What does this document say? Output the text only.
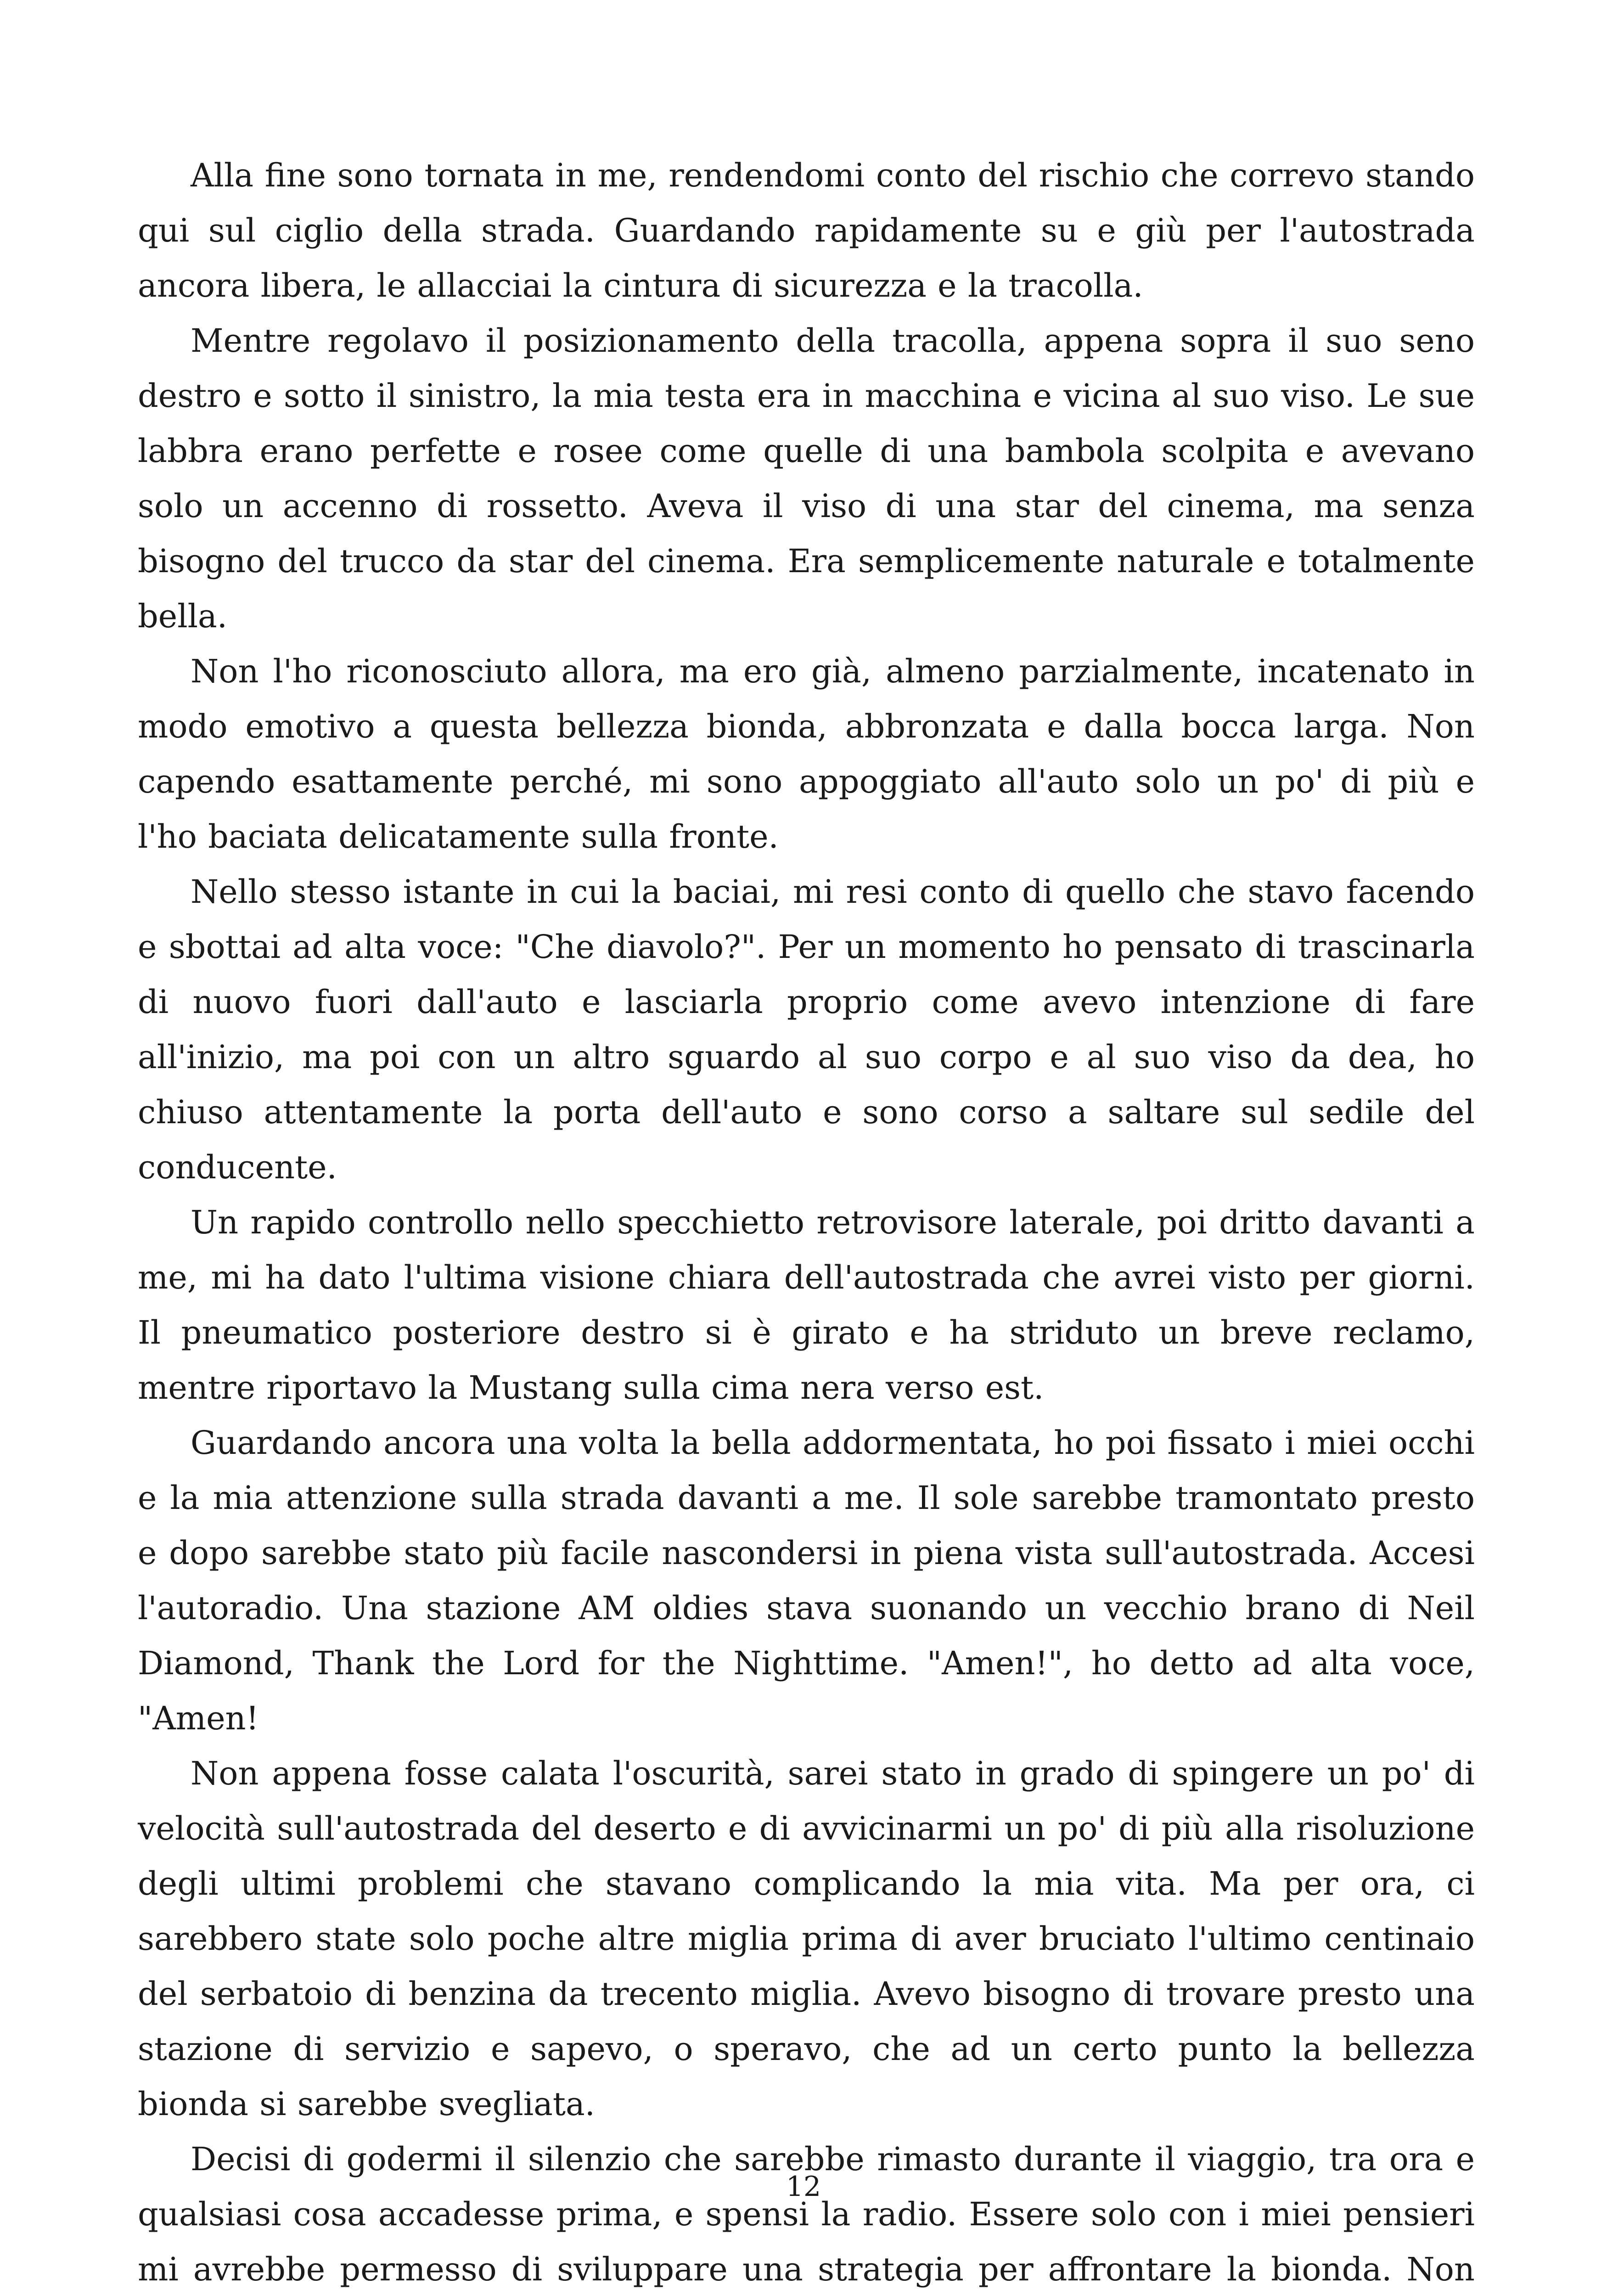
Alla fine sono tornata in me, rendendomi conto del rischio che correvo stando qui sul ciglio della strada. Guardando rapidamente su e giù per l'autostrada ancora libera, le allacciai la cintura di sicurezza e la tracolla.

Mentre regolavo il posizionamento della tracolla, appena sopra il suo seno destro e sotto il sinistro, la mia testa era in macchina e vicina al suo viso. Le sue labbra erano perfette e rosee come quelle di una bambola scolpita e avevano solo un accenno di rossetto. Aveva il viso di una star del cinema, ma senza bisogno del trucco da star del cinema. Era semplicemente naturale e totalmente bella.

Non l'ho riconosciuto allora, ma ero già, almeno parzialmente, incatenato in modo emotivo a questa bellezza bionda, abbronzata e dalla bocca larga. Non capendo esattamente perché, mi sono appoggiato all'auto solo un po' di più e l'ho baciata delicatamente sulla fronte.

Nello stesso istante in cui la baciai, mi resi conto di quello che stavo facendo e sbottai ad alta voce: "Che diavolo?". Per un momento ho pensato di trascinarla di nuovo fuori dall'auto e lasciarla proprio come avevo intenzione di fare all'inizio, ma poi con un altro sguardo al suo corpo e al suo viso da dea, ho chiuso attentamente la porta dell'auto e sono corso a saltare sul sedile del conducente.

Un rapido controllo nello specchietto retrovisore laterale, poi dritto davanti a me, mi ha dato l'ultima visione chiara dell'autostrada che avrei visto per giorni. Il pneumatico posteriore destro si è girato e ha striduto un breve reclamo, mentre riportavo la Mustang sulla cima nera verso est.

Guardando ancora una volta la bella addormentata, ho poi fissato i miei occhi e la mia attenzione sulla strada davanti a me. Il sole sarebbe tramontato presto e dopo sarebbe stato più facile nascondersi in piena vista sull'autostrada. Accesi l'autoradio. Una stazione AM oldies stava suonando un vecchio brano di Neil Diamond, Thank the Lord for the Nighttime. "Amen!", ho detto ad alta voce, "Amen!

Non appena fosse calata l'oscurità, sarei stato in grado di spingere un po' di velocità sull'autostrada del deserto e di avvicinarmi un po' di più alla risoluzione degli ultimi problemi che stavano complicando la mia vita. Ma per ora, ci sarebbero state solo poche altre miglia prima di aver bruciato l'ultimo centinaio del serbatoio di benzina da trecento miglia. Avevo bisogno di trovare presto una stazione di servizio e sapevo, o speravo, che ad un certo punto la bellezza bionda si sarebbe svegliata.

Decisi di godermi il silenzio che sarebbe rimasto durante il viaggio, tra ora e qualsiasi cosa accadesse prima, e spensi la radio. Essere solo con i miei pensieri mi avrebbe permesso di sviluppare una strategia per affrontare la bionda. Non

12
